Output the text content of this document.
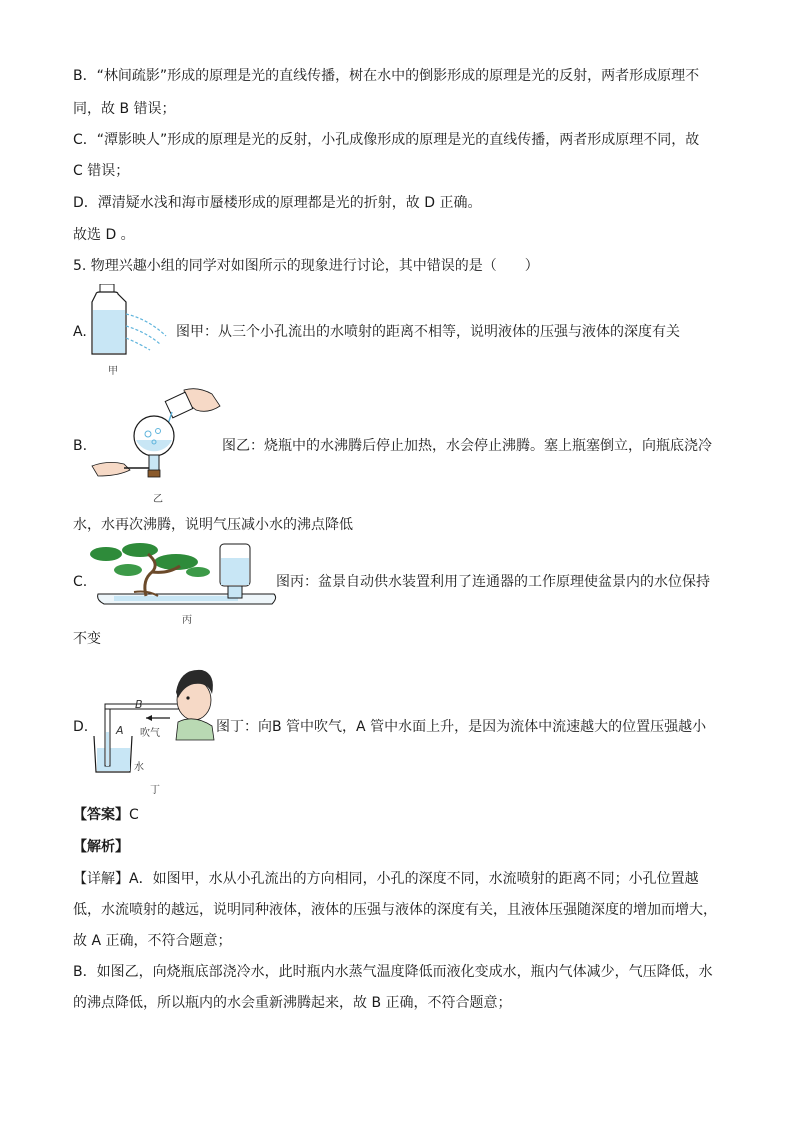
B．“林间疏影”形成的原理是光的直线传播，树在水中的倒影形成的原理是光的反射，两者形成原理不
同，故 B 错误；
C．“潭影映人”形成的原理是光的反射，小孔成像形成的原理是光的直线传播，两者形成原理不同，故
C 错误；
D．潭清疑水浅和海市蜃楼形成的原理都是光的折射，故 D 正确。
故选 D 。
5. 物理兴趣小组的同学对如图所示的现象进行讨论，其中错误的是（　　）
A.
甲
图甲：从三个小孔流出的水喷射的距离不相等，说明液体的压强与液体的深度有关
B.
乙
图乙：烧瓶中的水沸腾后停止加热，水会停止沸腾。塞上瓶塞倒立，向瓶底浇冷
水，水再次沸腾，说明气压减小水的沸点降低
C.
丙
图丙：盆景自动供水装置利用了连通器的工作原理使盆景内的水位保持
不变
D.
B
A 吹气
水
丁
图丁：向B 管中吹气，A 管中水面上升，是因为流体中流速越大的位置压强越小
【答案】C
【解析】
【详解】A．如图甲，水从小孔流出的方向相同，小孔的深度不同，水流喷射的距离不同；小孔位置越
低，水流喷射的越远，说明同种液体，液体的压强与液体的深度有关，且液体压强随深度的增加而增大，
故 A 正确，不符合题意；
B．如图乙，向烧瓶底部浇冷水，此时瓶内水蒸气温度降低而液化变成水，瓶内气体减少，气压降低，水
的沸点降低，所以瓶内的水会重新沸腾起来，故 B 正确，不符合题意；
